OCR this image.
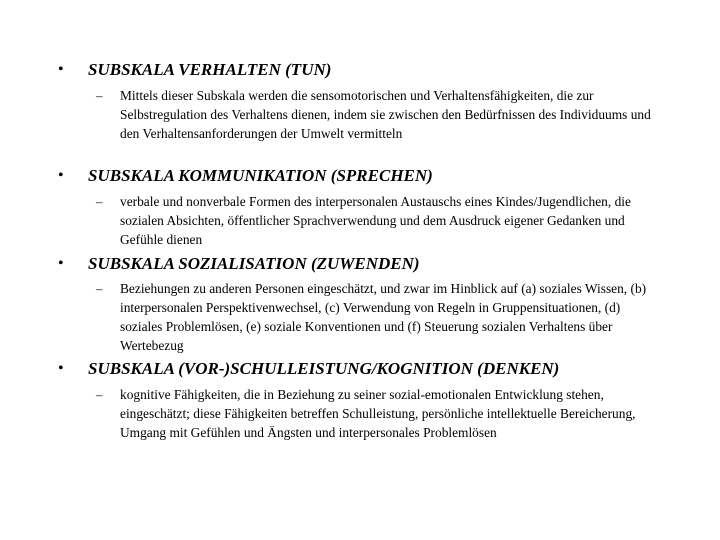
• SUBSKALA VERHALTEN (TUN)
– Mittels dieser Subskala werden die sensomotorischen und Verhaltensfähigkeiten, die zur Selbstregulation des Verhaltens dienen, indem sie zwischen den Bedürfnissen des Individuums und den Verhaltensanforderungen der Umwelt vermitteln
• SUBSKALA KOMMUNIKATION (SPRECHEN)
– verbale und nonverbale Formen des interpersonalen Austauschs eines Kindes/Jugendlichen, die sozialen Absichten, öffentlicher Sprachverwendung und dem Ausdruck eigener Gedanken und Gefühle dienen
• SUBSKALA SOZIALISATION (ZUWENDEN)
– Beziehungen zu anderen Personen eingeschätzt, und zwar im Hinblick auf (a) soziales Wissen, (b) interpersonalen Perspektivenwechsel, (c) Verwendung von Regeln in Gruppensituationen, (d) soziales Problemlösen, (e) soziale Konventionen und (f) Steuerung sozialen Verhaltens über Wertebezug
• SUBSKALA (VOR-)SCHULLEISTUNG/KOGNITION (DENKEN)
– kognitive Fähigkeiten, die in Beziehung zu seiner sozial-emotionalen Entwicklung stehen, eingeschätzt; diese Fähigkeiten betreffen Schulleistung, persönliche intellektuelle Bereicherung, Umgang mit Gefühlen und Ängsten und interpersonales Problemlösen
